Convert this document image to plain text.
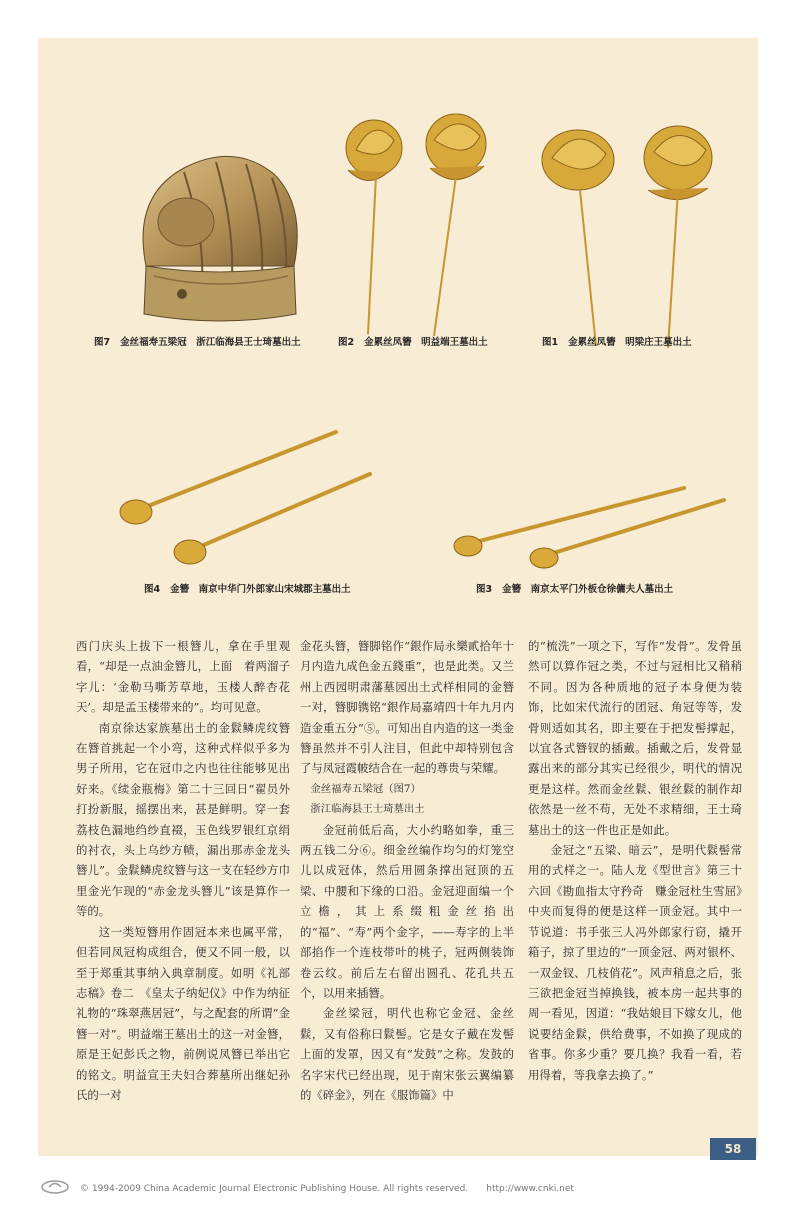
图7 金丝福寿五梁冠　浙江临海县王士琦墓出土	图2 金累丝凤簪　明益端王墓出土	图1 金累丝凤簪　明梁庄王墓出土
图4 金簪　南京中华门外郎家山宋城郡主墓出土	图3 金簪　南京太平门外板仓徐傭夫人墓出土

西门庆头上拔下一根簪儿，拿在手里观看，“却是一点油金簪儿，上面　着两溜子字儿：‘金勒马嘶芳草地，玉楼人醉杏花天’。却是孟玉楼带来的”。均可见意。

南京徐达家族墓出土的金鬏鳞虎纹簪在簪首挑起一个小弯，这种式样似乎多为男子所用，它在冠巾之内也往往能够见出好来。《续金瓶梅》第二十三回日“翟员外打扮新服，摇摆出来，甚是鲜明。穿一套荔枝色漏地绉纱直裰，玉色线罗银红京绢的衬衣，头上乌纱方帻，漏出那赤金龙头簪儿”。金鬏鳞虎纹簪与这一支在轻纱方巾里金光乍现的“赤金龙头簪儿”该是算作一等的。

这一类短簪用作固冠本来也属平常，但若同凤冠构成组合，便又不同一般，以至于郑重其事纳入典章制度。如明《礼部志稿》卷二　《皇太子纳妃仪》中作为纳征礼物的“珠翠燕居冠”，与之配套的所谓“金簪一对”。明益端王墓出土的这一对金簪，原是王妃彭氏之物，前例说凤簪已举出它的铭文。明益宣王夫妇合葬墓所出继妃孙氏的一对

金花头簪，簪脚铭作“銀作局永樂貳拾年十月内造九成色金五錢重”，也是此类。又兰州上西园明肃藩墓园出土式样相同的金簪一对，簪脚镌铭“銀作局嘉靖四十年九月内造金重五分”⑤。可知出自内造的这一类金簪虽然并不引人注目，但此中却特别包含了与凤冠霞帔结合在一起的尊贵与荣耀。

金丝福寿五梁冠（图7）

浙江临海县王士琦墓出土

金冠前低后高，大小约略如拳，重三两五钱二分⑥。细金丝编作均匀的灯笼空儿以成冠体，然后用圆条撑出冠顶的五梁、中腰和下缘的口沿。金冠迎面编一个立檐，其上系缀粗金丝掐出的“福”、“寿”两个金字，——寿字的上半部掐作一个连枝带叶的桃子，冠两侧装饰卷云纹。前后左右留出圆孔、花孔共五个，以用来插簪。

金丝梁冠，明代也称它金冠、金丝鬏，又有俗称曰鬏髻。它是女子戴在发髻上面的发罩，因又有“发鼓”之称。发鼓的名字宋代已经出现，见于南宋张云翼编纂的《碎金》，列在《服饰篇》中

的“梳洗”一项之下，写作“发骨”。发骨虽然可以算作冠之类，不过与冠相比又稍稍不同。因为各种质地的冠子本身便为装饰，比如宋代流行的团冠、角冠等等，发骨则适如其名，即主要在于把发髻撑起，以宜各式簪钗的插戴。插戴之后，发骨显露出来的部分其实已经很少，明代的情况更是这样。然而金丝鬏、银丝鬏的制作却依然是一丝不苟，无处不求精细，王士琦墓出土的这一件也正是如此。

金冠之“五梁、暗云”，是明代鬏髻常用的式样之一。陆人龙《型世言》第三十六回《勘血指太守矜奇　赚金冠杜生雪屈》中夹而复得的便是这样一顶金冠。其中一节说道：书手张三人冯外郎家行窃，撬开箱子，掠了里边的“一顶金冠、两对银杯、一双金钗、几枝俏花”。风声稍息之后，张三欲把金冠当掉换钱，被本房一起共事的周一看见，因道：“我姑娘目下嫁女儿，他说要结金鬏，供给费事，不如换了现成的省事。你多少重？要几换？我看一看，若用得着，等我拿去换了。”

58
© 1994-2009 China Academic Journal Electronic Publishing House. All rights reserved.　　http://www.cnki.net
